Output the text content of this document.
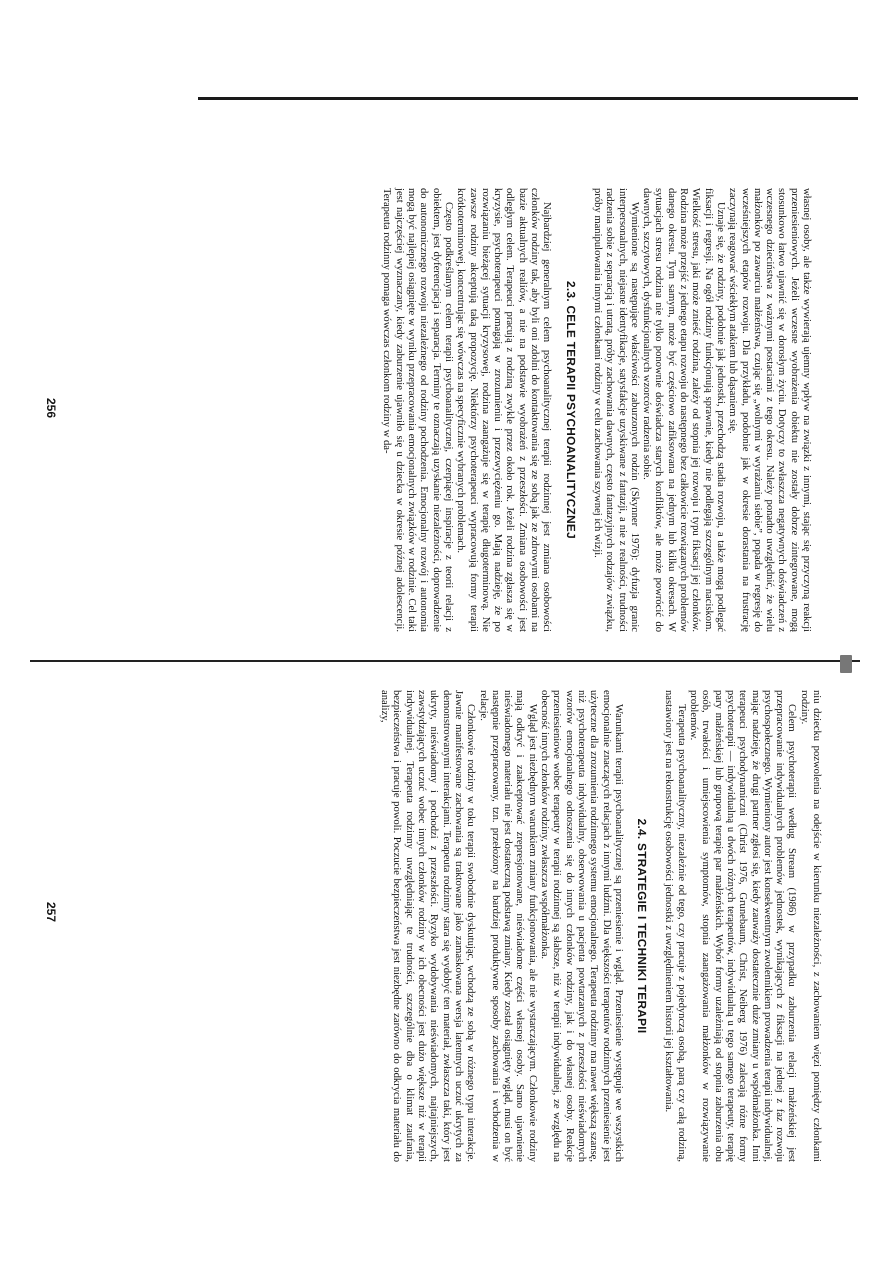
własnej osoby, ale także wywierają ujemny wpływ na związki z innymi, stając się przyczyną reakcji przeniesieniowych. Jeżeli wczesne wyobrażenia obiektu nie zostały dobrze zintegrowane, mogą stosunkowo łatwo ujawnić się w dorosłym życiu. Dotyczy to zwłaszcza negatywnych doświadczeń z wczesnego dzieciństwa z ważnymi postaciami z tego okresu. Należy ponadto uwzględnić, że wielu małżonków po zawarciu małżeństwa, czując się „wolnymi w wyrażaniu siebie”, popada w regresję do wcześniejszych etapów rozwoju. Dla przykładu, podobnie jak w okresie dorastania na frustrację zaczynają reagować wściekłym atakiem lub dąsaniem się.

Uznaje się, że rodziny, podobnie jak jednostki, przechodzą stadia rozwoju, a także mogą podlegać fiksacji i regresji. Na ogół rodziny funkcjonują sprawnie, kiedy nie podlegają szczególnym naciskom. Wielkość stresu, jaki może znieść rodzina, zależy od stopnia jej rozwoju i typu fiksacji jej członków. Rodzina może przejść z jednego etapu rozwoju do następnego bez całkowicie rozwiązanych problemów danego okresu. Tym samym, może być częściowo zafiksowana na jednym lub kilku okresach. W sytuacjach stresu rodzina nie tylko ponownie doświadcza starych konfliktów, ale może powrócić do dawnych, szczytowych, dysfunkcjonalnych wzorców radzenia sobie.

Wymienione są następujące właściwości zaburzonych rodzin (Skynner 1976): dyfuzja granic interpersonalnych, niejasne identyfikacje, satysfakcje uzyskiwane z fantazji, a nie z realności, trudności radzenia sobie z separacją i utratą, próby zachowania dawnych, często fantazyjnych rodzajów związku, próby manipulowania innymi członkami rodziny w celu zachowania szywnej ich wizji.

2.3. CELE TERAPII PSYCHOANALITYCZNEJ

Najbardziej generalnym celem psychoanalitycznej terapii rodzinnej jest zmiana osobowości członków rodziny tak, aby byli oni zdolni do kontaktowania się ze sobą jak ze zdrowymi osobami na bazie aktualnych realiów, a nie na podstawie wyobrażeń z przeszłości. Zmiana osobowości jest odległym celem. Terapeuci pracują z rodziną zwykle przez około rok. Jeżeli rodzina zgłasza się w kryzysie, psychoterapeuci pomagają w zrozumieniu i przezwyciężeniu go. Mają nadzieję, że po rozwiązaniu bieżącej sytuacji kryzysowej, rodzina zaangażuje się w terapię długoterminową. Nie zawsze rodziny akceptują taką propozycję. Niektórzy psychoterapeuci wypracowują formy terapii krótkoterminowej, koncentrując się wówczas na specyficznie wybranych problemach.

Często podkreślanym celem terapii psychoanalitycznej, czerpiącej inspiracje z teorii relacji z obiektem, jest dyferencjacja i separacja. Terminy te oznaczają uzyskanie niezależności, doprowadzenie do autonomicznego rozwoju niezależnego od rodziny pochodzenia. Emocjonalny rozwój i autonomia mogą być najlepiej osiągnięte w wyniku przepracowania emocjonalnych związków w rodzinie. Cel taki jest najczęściej wyznaczany, kiedy zaburzenie ujawniło się u dziecka w okresie późnej adolescencji. Terapeuta rodzinny pomaga wówczas członkom rodziny w da-

256

niu dziecku pozwolenia na odejście w kierunku niezależności, z zachowaniem więzi pomiędzy członkami rodziny.

Celem psychoterapii według Stream (1986) w przypadku zaburzenia relacji małżeńskiej jest przepracowanie indywidualnych problemów jednostek, wynikających z fiksacji na jednej z faz rozwoju psychospołecznego. Wymieniony autor jest konsekwentnym zwolennikiem prowadzenia terapii indywidualnej, mając nadzieję, że drugi partner zgłosi się, kiedy zauważy dostatecznie duże zmiany u współmałżonka. Inni terapeuci psychodynamiczni (Christ 1976, Grunebaum, Christ, Neiberg 1976) zalecają różne formy psychoterapii — indywidualną u dwóch różnych terapeutów, indywidualną u tego samego terapeuty, terapię pary małżeńskiej lub grupową terapię par małżeńskich. Wybór formy uzależniają od stopnia zaburzenia obu osób, trwałości i umiejscowienia symptomów, stopnia zaangażowania małżonków w rozwiązywanie problemów.

Terapeuta psychoanalityczny, niezależnie od tego, czy pracuje z pojedynczą osobą, parą czy całą rodziną, nastawiony jest na rekonstrukcję osobowości jednostki z uwzględnieniem historii jej kształtowania.

2.4. STRATEGIE I TECHNIKI TERAPII

Warunkami terapii psychoanalitycznej są przeniesienie i wgląd. Przeniesienie występuje we wszystkich emocjonalnie znaczących relacjach z innymi ludźmi. Dla większości terapeutów rodzinnych przeniesienie jest użyteczne dla zrozumienia rodzinnego systemu emocjonalnego. Terapeuta rodzinny ma nawet większą szansę, niż psychoterapeuta indywidualny, obserwowania u pacjenta powtarzanych z przeszłości nieświadomych wzorów emocjonalnego odnoszenia się do innych członków rodziny, jak i do własnej osoby. Reakcje przeniesieniowe wobec terapeuty w terapii rodzinnej są słabsze, niż w terapii indywidualnej, ze względu na obecność innych członków rodziny, zwłaszcza współmałżonka.

Wgląd jest niezbędnym warunkiem zmiany funkcjonowania, ale nie wystarczającym. Członkowie rodziny mają odkryć i zaakceptować zrepresjonowane, nieświadome części własnej osoby. Samo ujawnienie nieświadomego materiału nie jest dostateczną podstawą zmiany. Kiedy został osiągnięty wgląd, musi on być następnie przepracowany, tzn. przełożony na bardziej produktywne sposoby zachowania i wchodzenia w relacje.

Członkowie rodziny w toku terapii swobodnie dyskutując, wchodzą ze sobą w różnego typu interakcje. Jawnie manifestowane zachowania są traktowane jako zamaskowana wersja latentnych uczuć ukrytych za demonstrowanymi interakcjami. Terapeuta rodzinny stara się wydobyć ten materiał, zwłaszcza taki, który jest ukryty, nieświadomy i pochodzi z przeszłości. Ryzyko wydobywania nieświadomych, najtajniejszych, zawstydzających uczuć wobec innych członków rodziny w ich obecności jest dużo większe niż w terapii indywidualnej. Terapeuta rodzinny uwzględniając te trudności, szczególnie dba o klimat zaufania, bezpieczeństwa i pracuje powoli. Poczucie bezpieczeństwa jest niezbędne zarówno do odkrycia materiału do analizy,

257
